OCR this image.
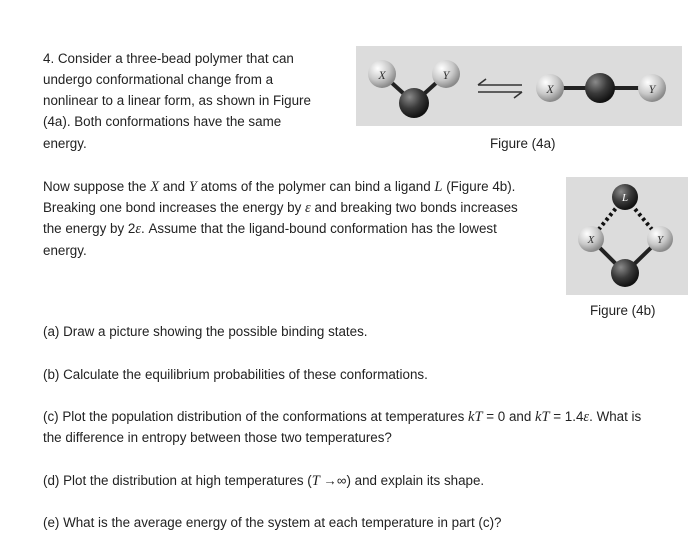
4. Consider a three-bead polymer that can

undergo conformational change from a

nonlinear to a linear form, as shown in Figure

(4a). Both conformations have the same

energy.

X	Y
X	Y
Figure (4a)

Now suppose the X and Y atoms of the polymer can bind a ligand L (Figure 4b).

Breaking one bond increases the energy by ε and breaking two bonds increases

the energy by 2ε. Assume that the ligand-bound conformation has the lowest

energy.

L
X	Y
Figure (4b)

(a) Draw a picture showing the possible binding states.

(b) Calculate the equilibrium probabilities of these conformations.

(c) Plot the population distribution of the conformations at temperatures kT = 0 and kT = 1.4ε. What is

the difference in entropy between those two temperatures?

(d) Plot the distribution at high temperatures (T →∞) and explain its shape.

(e) What is the average energy of the system at each temperature in part (c)?
